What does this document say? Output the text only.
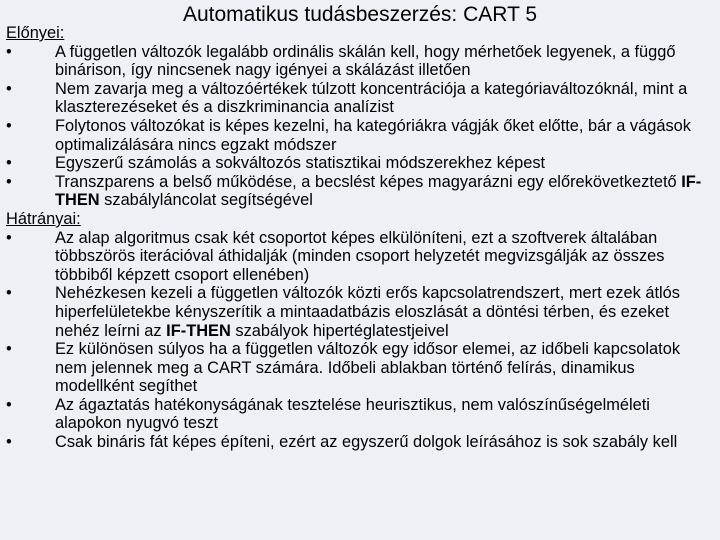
Automatikus tudásbeszerzés: CART 5
Előnyei:
•	A független változók legalább ordinális skálán kell, hogy mérhetőek legyenek, a függő binárison, így nincsenek nagy igényei a skálázást illetően
•	Nem zavarja meg a változóértékek túlzott koncentrációja a kategóriaváltozóknál, mint a klaszterezéseket és a diszkriminancia analízist
•	Folytonos változókat is képes kezelni, ha kategóriákra vágják őket előtte, bár a vágások optimalizálására nincs egzakt módszer
•	Egyszerű számolás a sokváltozós statisztikai módszerekhez képest
•	Transzparens a belső működése, a becslést képes magyarázni egy előrekövetkeztető IF-THEN szabályláncolat segítségével
Hátrányai:
•	Az alap algoritmus csak két csoportot képes elkülöníteni, ezt a szoftverek általában többszörös iterációval áthidalják (minden csoport helyzetét megvizsgálják az összes többiből képzett csoport ellenében)
•	Nehézkesen kezeli a független változók közti erős kapcsolatrendszert, mert ezek átlós hiperfelületekbe kényszerítik a mintaadatbázis eloszlását a döntési térben, és ezeket nehéz leírni az IF-THEN szabályok hipertéglatestjeivel
•	Ez különösen súlyos ha a független változók egy idősor elemei, az időbeli kapcsolatok nem jelennek meg a CART számára. Időbeli ablakban történő felírás, dinamikus modellként segíthet
•	Az ágaztatás hatékonyságának tesztelése heurisztikus, nem valószínűségelméleti alapokon nyugvó teszt
•	Csak bináris fát képes építeni, ezért az egyszerű dolgok leírásához is sok szabály kell
